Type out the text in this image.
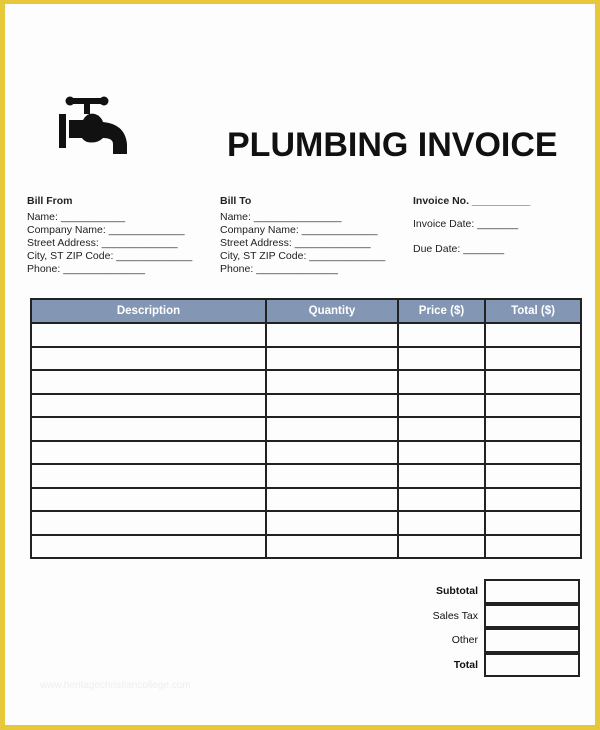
PLUMBING INVOICE
Bill From
Name: ___________
Company Name: _____________
Street Address: _____________
City, ST ZIP Code: _____________
Phone: ______________
Bill To
Name: _______________
Company Name: _____________
Street Address: _____________
City, ST ZIP Code: _____________
Phone: ______________
Invoice No. __________
Invoice Date: _______
Due Date: _______
Description	Quantity	Price ($)	Total ($)

Subtotal
Sales Tax
Other
Total
www.heritagechristiancollege.com
